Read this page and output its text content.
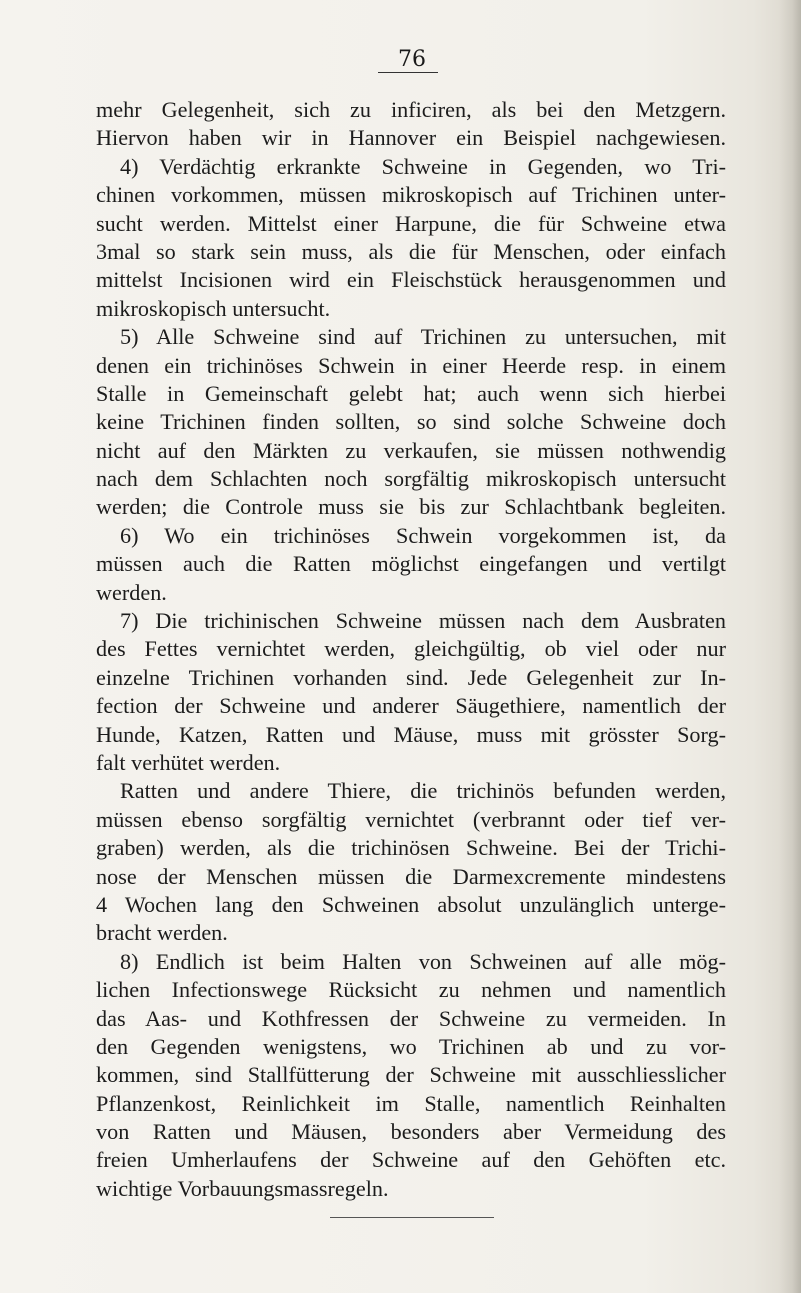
76
mehr Gelegenheit, sich zu inficiren, als bei den Metzgern.
Hiervon haben wir in Hannover ein Beispiel nachgewiesen.
4) Verdächtig erkrankte Schweine in Gegenden, wo Tri-
chinen vorkommen, müssen mikroskopisch auf Trichinen unter-
sucht werden. Mittelst einer Harpune, die für Schweine etwa
3mal so stark sein muss, als die für Menschen, oder einfach
mittelst Incisionen wird ein Fleischstück herausgenommen und
mikroskopisch untersucht.
5) Alle Schweine sind auf Trichinen zu untersuchen, mit
denen ein trichinöses Schwein in einer Heerde resp. in einem
Stalle in Gemeinschaft gelebt hat; auch wenn sich hierbei
keine Trichinen finden sollten, so sind solche Schweine doch
nicht auf den Märkten zu verkaufen, sie müssen nothwendig
nach dem Schlachten noch sorgfältig mikroskopisch untersucht
werden; die Controle muss sie bis zur Schlachtbank begleiten.
6) Wo ein trichinöses Schwein vorgekommen ist, da
müssen auch die Ratten möglichst eingefangen und vertilgt
werden.
7) Die trichinischen Schweine müssen nach dem Ausbraten
des Fettes vernichtet werden, gleichgültig, ob viel oder nur
einzelne Trichinen vorhanden sind. Jede Gelegenheit zur In-
fection der Schweine und anderer Säugethiere, namentlich der
Hunde, Katzen, Ratten und Mäuse, muss mit grösster Sorg-
falt verhütet werden.
Ratten und andere Thiere, die trichinös befunden werden,
müssen ebenso sorgfältig vernichtet (verbrannt oder tief ver-
graben) werden, als die trichinösen Schweine. Bei der Trichi-
nose der Menschen müssen die Darmexcremente mindestens
4 Wochen lang den Schweinen absolut unzulänglich unterge-
bracht werden.
8) Endlich ist beim Halten von Schweinen auf alle mög-
lichen Infectionswege Rücksicht zu nehmen und namentlich
das Aas- und Kothfressen der Schweine zu vermeiden. In
den Gegenden wenigstens, wo Trichinen ab und zu vor-
kommen, sind Stallfütterung der Schweine mit ausschliesslicher
Pflanzenkost, Reinlichkeit im Stalle, namentlich Reinhalten
von Ratten und Mäusen, besonders aber Vermeidung des
freien Umherlaufens der Schweine auf den Gehöften etc.
wichtige Vorbauungsmassregeln.
